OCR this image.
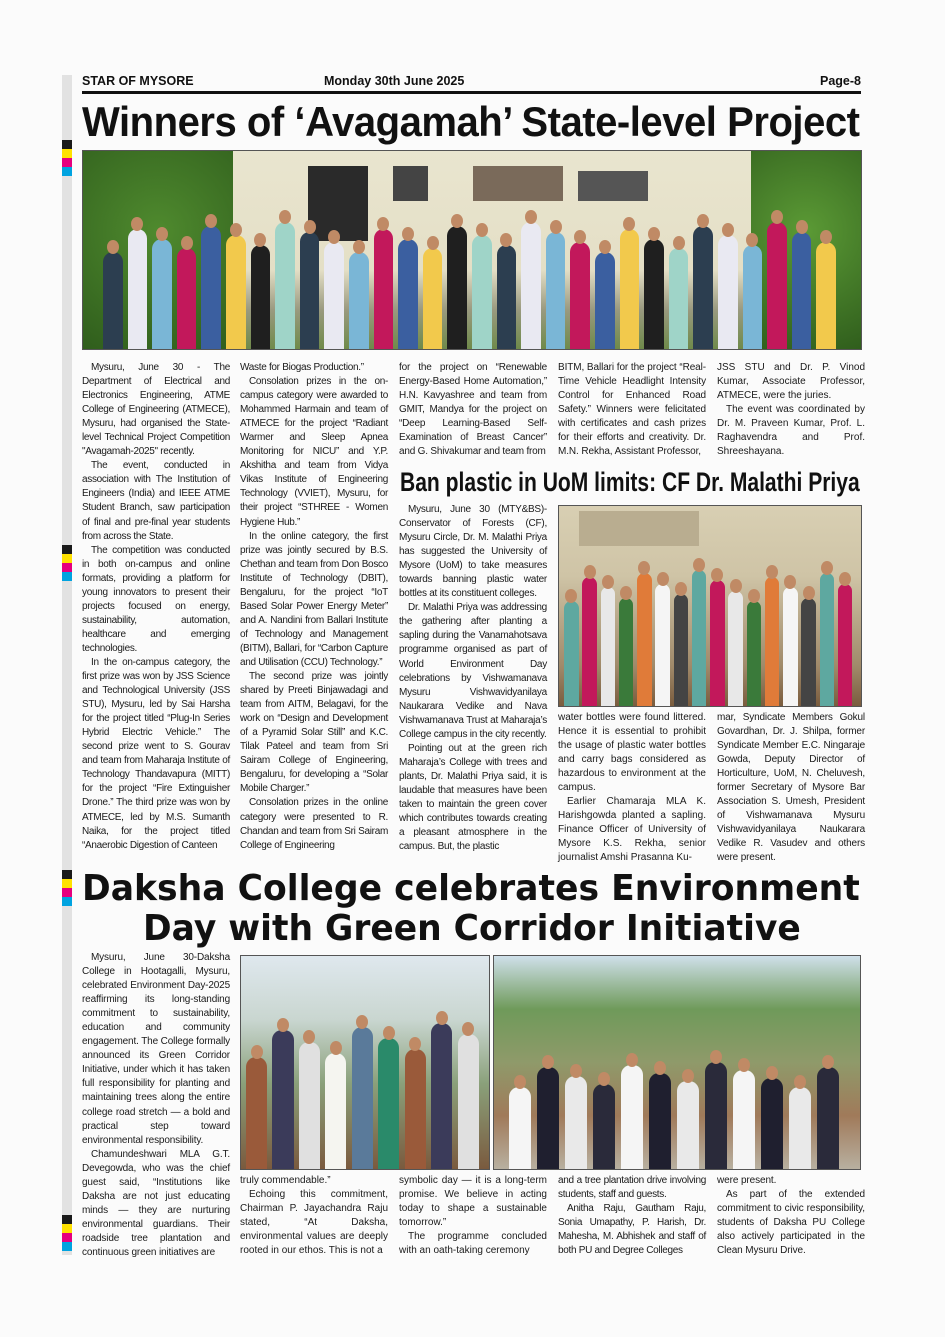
STAR OF MYSORE	Monday 30th June 2025	Page-8
Winners of ‘Avagamah’ State-level Project
Ban plastic in UoM limits: CF Dr. Malathi Priya
Daksha College celebrates Environment
Day with Green Corridor Initiative

Mysuru, June 30 - The Department of Electrical and Electronics Engineering, ATME College of Engineering (ATMECE), Mysuru, had organised the State-level Technical Project Competition "Avagamah-2025" recently.

The event, conducted in association with The Institution of Engineers (India) and IEEE ATME Student Branch, saw participation of final and pre-final year students from across the State.

The competition was conducted in both on-campus and online formats, providing a platform for young innovators to present their projects focused on energy, sustainability, automation, healthcare and emerging technologies.

In the on-campus category, the first prize was won by JSS Science and Technological University (JSS STU), Mysuru, led by Sai Harsha for the project titled “Plug-In Series Hybrid Electric Vehicle.” The second prize went to S. Gourav and team from Maharaja Institute of Technology Thandavapura (MITT) for the project “Fire Extinguisher Drone.” The third prize was won by ATMECE, led by M.S. Sumanth Naika, for the project titled “Anaerobic Digestion of Canteen

Waste for Biogas Production.”

Consolation prizes in the on-campus category were awarded to Mohammed Harmain and team of ATMECE for the project “Radiant Warmer and Sleep Apnea Monitoring for NICU” and Y.P. Akshitha and team from Vidya Vikas Institute of Engineering Technology (VVIET), Mysuru, for their project “STHREE - Women Hygiene Hub.”

In the online category, the first prize was jointly secured by B.S. Chethan and team from Don Bosco Institute of Technology (DBIT), Bengaluru, for the project “IoT Based Solar Power Energy Meter” and A. Nandini from Ballari Institute of Technology and Management (BITM), Ballari, for “Carbon Capture and Utilisation (CCU) Technology.”

The second prize was jointly shared by Preeti Binjawadagi and team from AITM, Belagavi, for the work on “Design and Development of a Pyramid Solar Still” and K.C. Tilak Pateel and team from Sri Sairam College of Engineering, Bengaluru, for developing a “Solar Mobile Charger.”

Consolation prizes in the online category were presented to R. Chandan and team from Sri Sairam College of Engineering

for the project on “Renewable Energy-Based Home Automation,” H.N. Kavyashree and team from GMIT, Mandya for the project on “Deep Learning-Based Self-Examination of Breast Cancer” and G. Shivakumar and team from

BITM, Ballari for the project “Real-Time Vehicle Headlight Intensity Control for Enhanced Road Safety.” Winners were felicitated with certificates and cash prizes for their efforts and creativity. Dr. M.N. Rekha, Assistant Professor,

JSS STU and Dr. P. Vinod Kumar, Associate Professor, ATMECE, were the juries.

The event was coordinated by Dr. M. Praveen Kumar, Prof. L. Raghavendra and Prof. Shreeshayana.

Mysuru, June 30 (MTY&BS)-Conservator of Forests (CF), Mysuru Circle, Dr. M. Malathi Priya has suggested the University of Mysore (UoM) to take measures towards banning plastic water bottles at its constituent colleges.

Dr. Malathi Priya was addressing the gathering after planting a sapling during the Vanamahotsava programme organised as part of World Environment Day celebrations by Vishwamanava Mysuru Vishwavidyanilaya Naukarara Vedike and Nava Vishwamanava Trust at Maharaja’s College campus in the city recently.

Pointing out at the green rich Maharaja’s College with trees and plants, Dr. Malathi Priya said, it is laudable that measures have been taken to maintain the green cover which contributes towards creating a pleasant atmosphere in the campus. But, the plastic

water bottles were found littered. Hence it is essential to prohibit the usage of plastic water bottles and carry bags considered as hazardous to environment at the campus.

Earlier Chamaraja MLA K. Harishgowda planted a sapling. Finance Officer of University of Mysore K.S. Rekha, senior journalist Amshi Prasanna Ku-

mar, Syndicate Members Gokul Govardhan, Dr. J. Shilpa, former Syndicate Member E.C. Ningaraje Gowda, Deputy Director of Horticulture, UoM, N. Cheluvesh, former Secretary of Mysore Bar Association S. Umesh, President of Vishwamanava Mysuru Vishwavidyanilaya Naukarara Vedike R. Vasudev and others were present.

Mysuru, June 30-Daksha College in Hootagalli, Mysuru, celebrated Environment Day-2025 reaffirming its long-standing commitment to sustainability, education and community engagement. The College formally announced its Green Corridor Initiative, under which it has taken full responsibility for planting and maintaining trees along the entire college road stretch — a bold and practical step toward environmental responsibility.

Chamundeshwari MLA G.T. Devegowda, who was the chief guest said, “Institutions like Daksha are not just educating minds — they are nurturing environmental guardians. Their roadside tree plantation and continuous green initiatives are

truly commendable.”

Echoing this commitment, Chairman P. Jayachandra Raju stated, “At Daksha, environmental values are deeply rooted in our ethos. This is not a

symbolic day — it is a long-term promise. We believe in acting today to shape a sustainable tomorrow.”

The programme concluded with an oath-taking ceremony

and a tree plantation drive involving students, staff and guests.

Anitha Raju, Gautham Raju, Sonia Umapathy, P. Harish, Dr. Mahesha, M. Abhishek and staff of both PU and Degree Colleges

were present.

As part of the extended commitment to civic responsibility, students of Daksha PU College also actively participated in the Clean Mysuru Drive.
